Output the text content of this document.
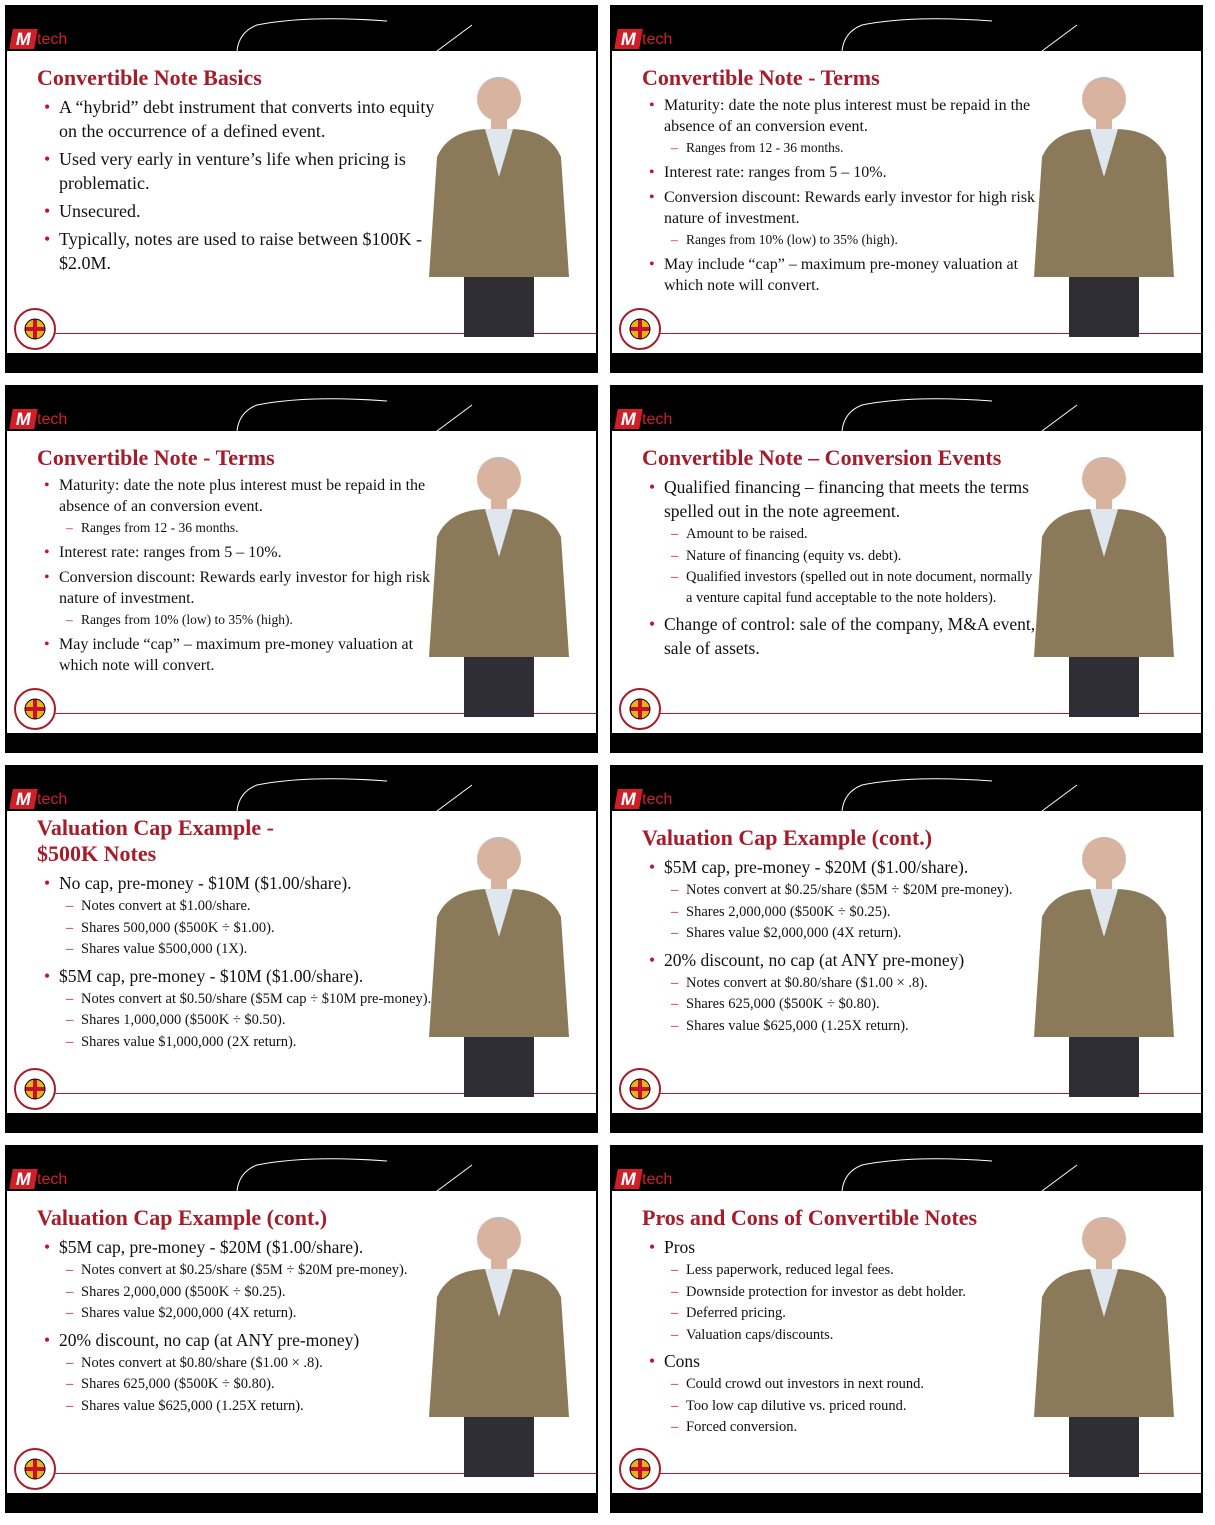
M tech
Convertible Note Basics
• A “hybrid” debt instrument that converts into equity on the occurrence of a defined event.
• Used very early in venture’s life when pricing is problematic.
• Unsecured.
• Typically, notes are used to raise between $100K - $2.0M.
M tech
Convertible Note - Terms
• Maturity: date the note plus interest must be repaid in the absence of an conversion event.
– Ranges from 12 - 36 months.
• Interest rate: ranges from 5 – 10%.
• Conversion discount: Rewards early investor for high risk nature of investment.
– Ranges from 10% (low) to 35% (high).
• May include “cap” – maximum pre-money valuation at which note will convert.
M tech
Convertible Note - Terms
• Maturity: date the note plus interest must be repaid in the absence of an conversion event.
– Ranges from 12 - 36 months.
• Interest rate: ranges from 5 – 10%.
• Conversion discount: Rewards early investor for high risk nature of investment.
– Ranges from 10% (low) to 35% (high).
• May include “cap” – maximum pre-money valuation at which note will convert.
M tech
Convertible Note – Conversion Events
• Qualified financing – financing that meets the terms spelled out in the note agreement.
– Amount to be raised.
– Nature of financing (equity vs. debt).
– Qualified investors (spelled out in note document, normally a venture capital fund acceptable to the note holders).
• Change of control: sale of the company, M&A event, sale of assets.
M tech
Valuation Cap Example - $500K Notes
• No cap, pre-money - $10M ($1.00/share).
– Notes convert at $1.00/share.
– Shares 500,000 ($500K ÷ $1.00).
– Shares value $500,000 (1X).
• $5M cap, pre-money - $10M ($1.00/share).
– Notes convert at $0.50/share ($5M cap ÷ $10M pre-money).
– Shares 1,000,000 ($500K ÷ $0.50).
– Shares value $1,000,000 (2X return).
M tech
Valuation Cap Example (cont.)
• $5M cap, pre-money - $20M ($1.00/share).
– Notes convert at $0.25/share ($5M ÷ $20M pre-money).
– Shares 2,000,000 ($500K ÷ $0.25).
– Shares value $2,000,000 (4X return).
• 20% discount, no cap (at ANY pre-money)
– Notes convert at $0.80/share ($1.00 × .8).
– Shares 625,000 ($500K ÷ $0.80).
– Shares value $625,000 (1.25X return).
M tech
Valuation Cap Example (cont.)
• $5M cap, pre-money - $20M ($1.00/share).
– Notes convert at $0.25/share ($5M ÷ $20M pre-money).
– Shares 2,000,000 ($500K ÷ $0.25).
– Shares value $2,000,000 (4X return).
• 20% discount, no cap (at ANY pre-money)
– Notes convert at $0.80/share ($1.00 × .8).
– Shares 625,000 ($500K ÷ $0.80).
– Shares value $625,000 (1.25X return).
M tech
Pros and Cons of Convertible Notes
• Pros
– Less paperwork, reduced legal fees.
– Downside protection for investor as debt holder.
– Deferred pricing.
– Valuation caps/discounts.
• Cons
– Could crowd out investors in next round.
– Too low cap dilutive vs. priced round.
– Forced conversion.
